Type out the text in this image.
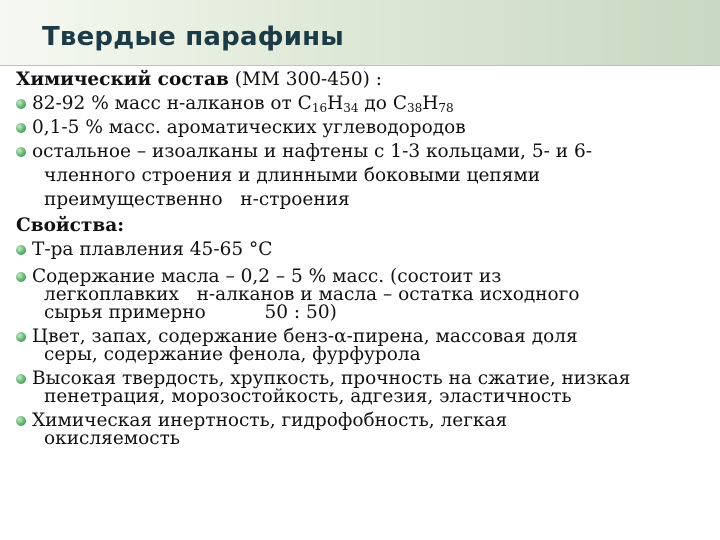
Твердые парафины

Химический состав (ММ 300-450) :

82-92 % масс н-алканов от $С_{16}Н_{34}$ до $С_{38}Н_{78}$
0,1-5 % масс. ароматических углеводородов
остальное – изоалканы и нафтены с 1-3 кольцами, 5- и 6-
членного строения и длинными боковыми цепями
преимущественно   н-строения

Свойства:

Т-ра плавления 45-65 °С
Содержание масла – 0,2 – 5 % масс. (состоит из
легкоплавких   н-алканов и масла – остатка исходного
сырья примерно          50 : 50)
Цвет, запах, содержание бенз-α-пирена, массовая доля
серы, содержание фенола, фурфурола
Высокая твердость, хрупкость, прочность на сжатие, низкая
пенетрация, морозостойкость, адгезия, эластичность
Химическая инертность, гидрофобность, легкая
окисляемость
